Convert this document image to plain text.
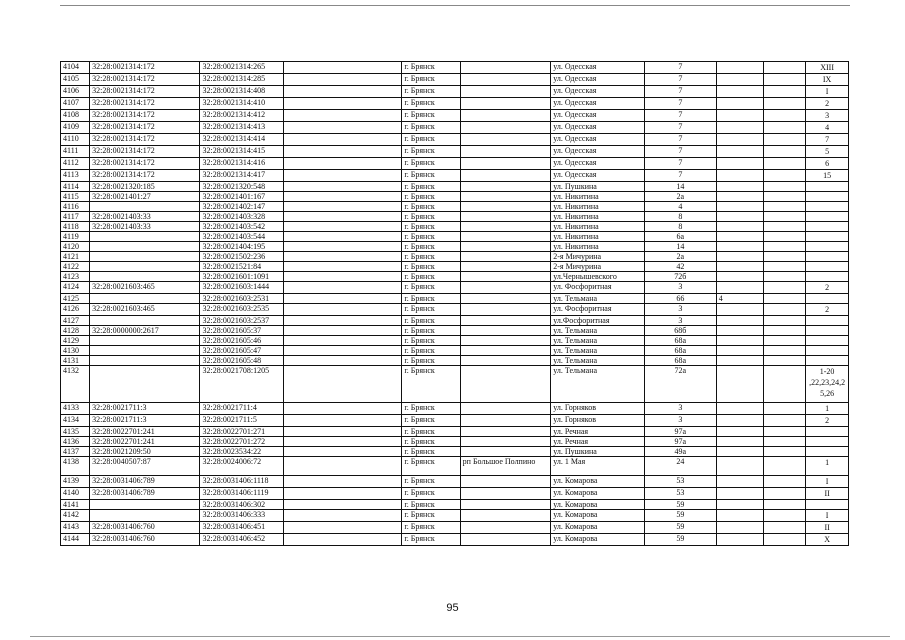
4104	32:28:0021314:172	32:28:0021314:265		г. Брянск		ул. Одесская	7			XIII
4105	32:28:0021314:172	32:28:0021314:285		г. Брянск		ул. Одесская	7			IX
4106	32:28:0021314:172	32:28:0021314:408		г. Брянск		ул. Одесская	7			I
4107	32:28:0021314:172	32:28:0021314:410		г. Брянск		ул. Одесская	7			2
4108	32:28:0021314:172	32:28:0021314:412		г. Брянск		ул. Одесская	7			3
4109	32:28:0021314:172	32:28:0021314:413		г. Брянск		ул. Одесская	7			4
4110	32:28:0021314:172	32:28:0021314:414		г. Брянск		ул. Одесская	7			7
4111	32:28:0021314:172	32:28:0021314:415		г. Брянск		ул. Одесская	7			5
4112	32:28:0021314:172	32:28:0021314:416		г. Брянск		ул. Одесская	7			6
4113	32:28:0021314:172	32:28:0021314:417		г. Брянск		ул. Одесская	7			15
4114	32:28:0021320:185	32:28:0021320:548		г. Брянск		ул. Пушкина	14			
4115	32:28:0021401:27	32:28:0021401:167		г. Брянск		ул. Никитина	2а			
4116		32:28:0021402:147		г. Брянск		ул. Никитина	4			
4117	32:28:0021403:33	32:28:0021403:328		г. Брянск		ул. Никитина	8			
4118	32:28:0021403:33	32:28:0021403:542		г. Брянск		ул. Никитина	8			
4119		32:28:0021403:544		г. Брянск		ул. Никитина	6а			
4120		32:28:0021404:195		г. Брянск		ул. Никитина	14			
4121		32:28:0021502:236		г. Брянск		2-я Мичурина	2а			
4122		32:28:0021521:84		г. Брянск		2-я Мичурина	42			
4123		32:28:0021601:1091		г. Брянск		ул.Чернышевского	72б			
4124	32:28:0021603:465	32:28:0021603:1444		г. Брянск		ул. Фосфоритная	3			2
4125		32:28:0021603:2531		г. Брянск		ул. Тельмана	66	4		
4126	32:28:0021603:465	32:28:0021603:2535		г. Брянск		ул. Фосфоритная	3			2
4127		32:28:0021603:2537		г. Брянск		ул.Фосфоритная	3			
4128	32:28:0000000:2617	32:28:0021605:37		г. Брянск		ул. Тельмана	68б			
4129		32:28:0021605:46		г. Брянск		ул. Тельмана	68а			
4130		32:28:0021605:47		г. Брянск		ул. Тельмана	68а			
4131		32:28:0021605:48		г. Брянск		ул. Тельмана	68а			
4132		32:28:0021708:1205		г. Брянск		ул. Тельмана	72а			1-20 ,22,23,24,2 5,26
4133	32:28:0021711:3	32:28:0021711:4		г. Брянск		ул. Горняков	3			1
4134	32:28:0021711:3	32:28:0021711:5		г. Брянск		ул. Горняков	3			2
4135	32:28:0022701:241	32:28:0022701:271		г. Брянск		ул. Речная	97а			
4136	32:28:0022701:241	32:28:0022701:272		г. Брянск		ул. Речная	97а			
4137	32:28:0021209:50	32:28:0023534:22		г. Брянск		ул. Пушкина	49а			
4138	32:28:0040507:87	32:28:0024006:72		г. Брянск	рп Большое Полпино	ул. 1 Мая	24			1
4139	32:28:0031406:789	32:28:0031406:1118		г. Брянск		ул. Комарова	53			I
4140	32:28:0031406:789	32:28:0031406:1119		г. Брянск		ул. Комарова	53			II
4141		32:28:0031406:302		г. Брянск		ул. Комарова	59			
4142		32:28:0031406:333		г. Брянск		ул. Комарова	59			I
4143	32:28:0031406:760	32:28:0031406:451		г. Брянск		ул. Комарова	59			II
4144	32:28:0031406:760	32:28:0031406:452		г. Брянск		ул. Комарова	59			X
95
